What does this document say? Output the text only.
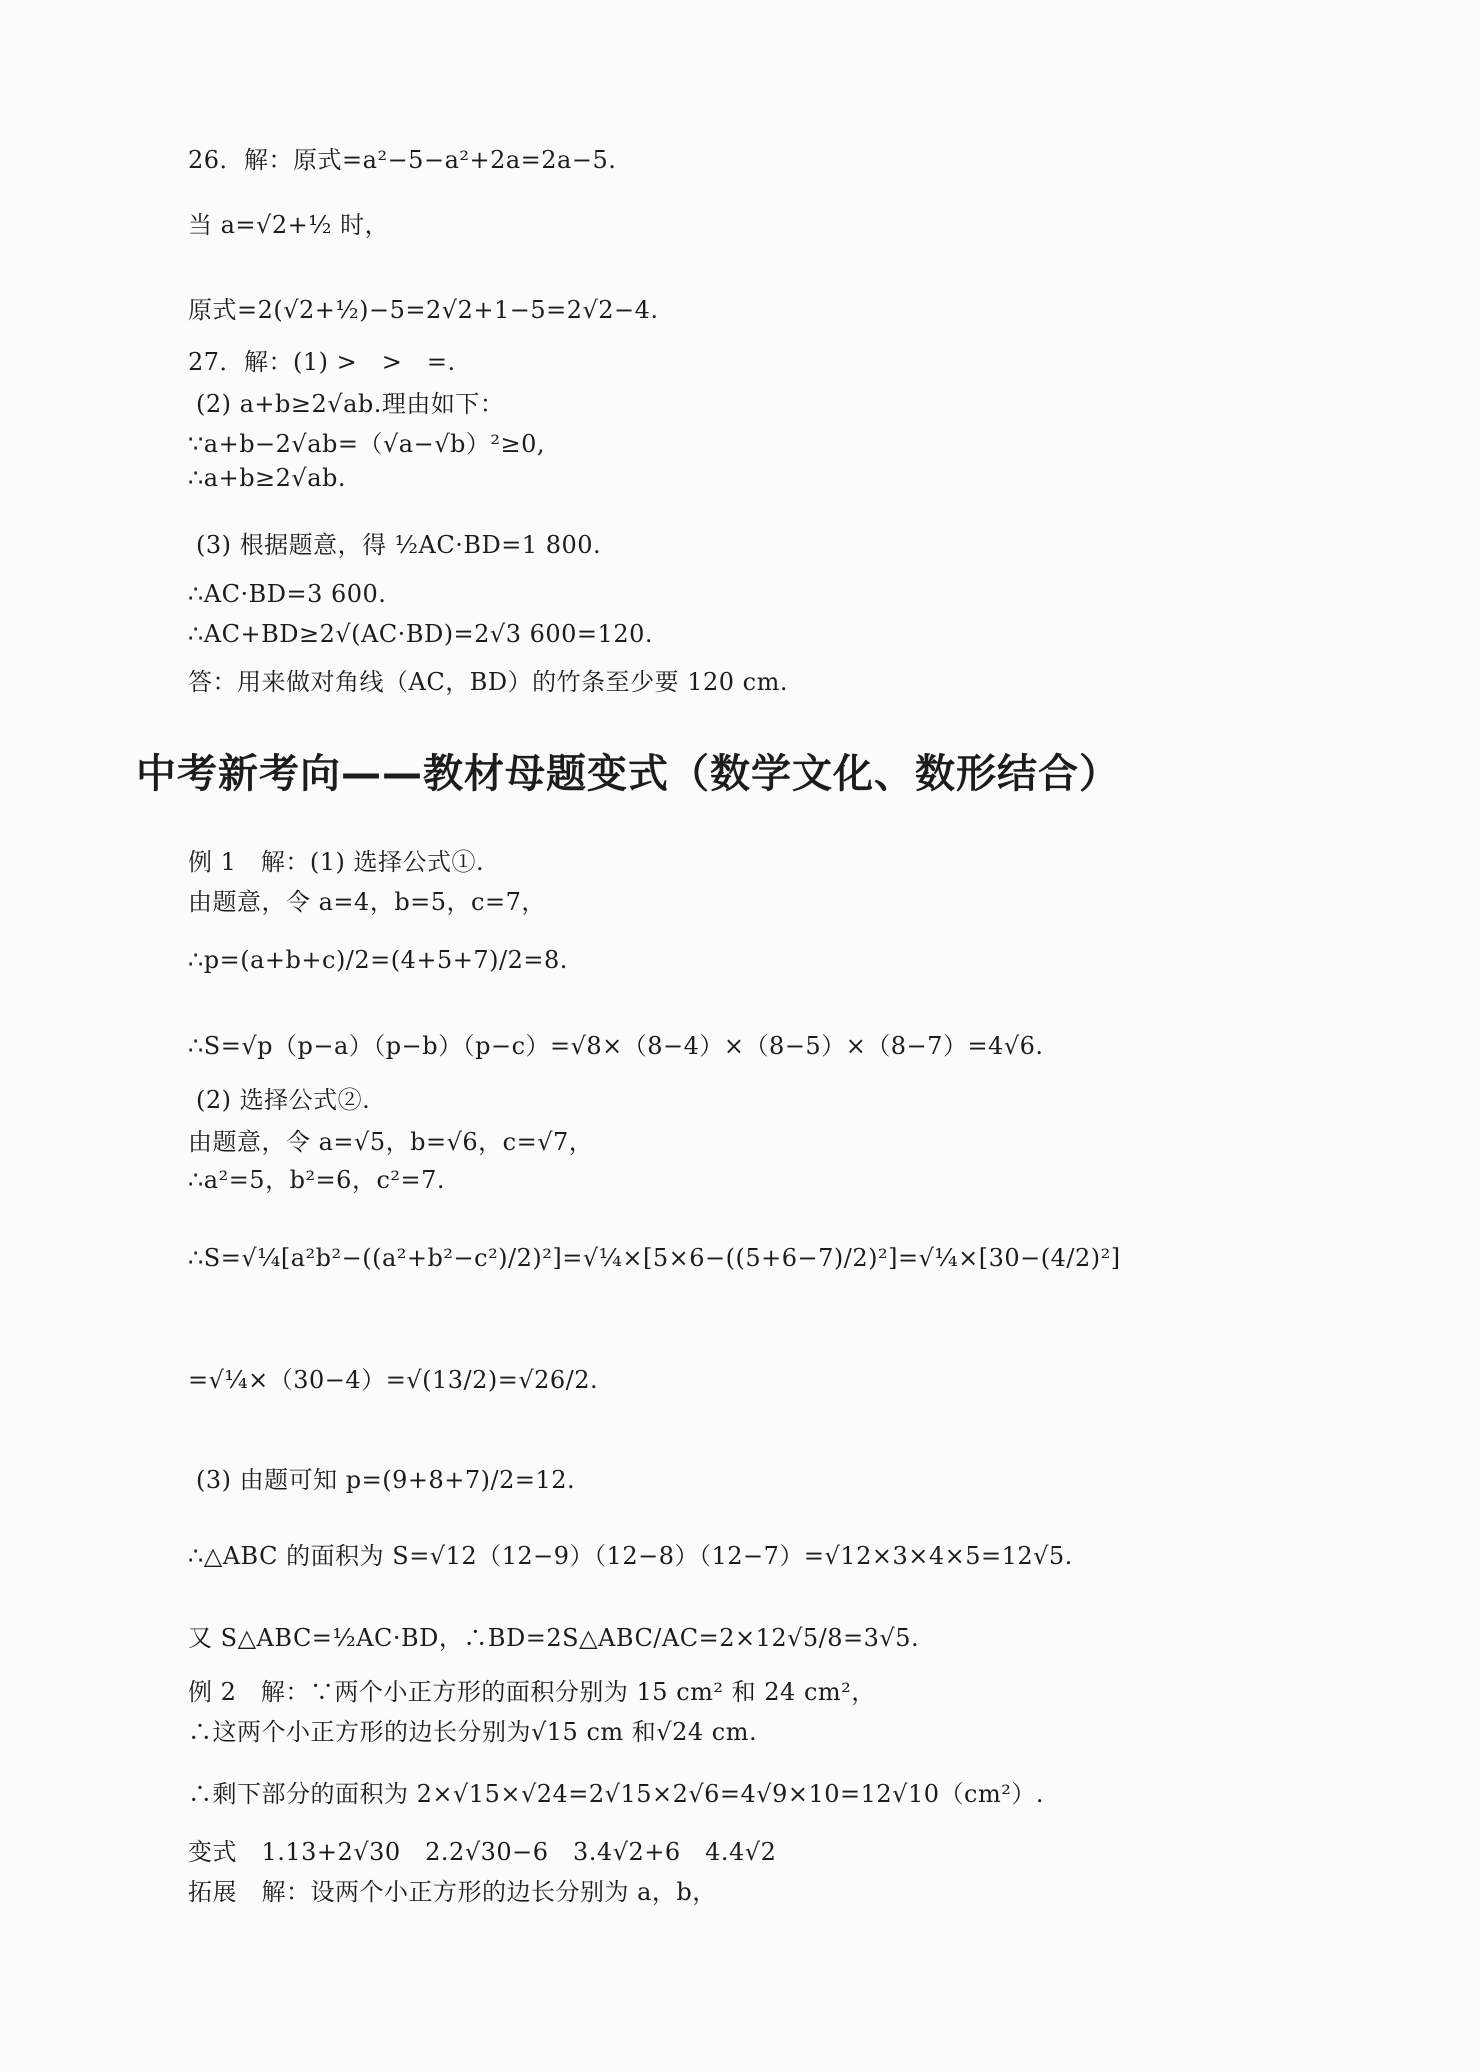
26．解：原式=a²−5−a²+2a=2a−5.
当 a=√2+½ 时，
原式=2(√2+½)−5=2√2+1−5=2√2−4.
27．解：(1) >　>　=.
(2) a+b≥2√ab.理由如下：
∵a+b−2√ab=（√a−√b）²≥0,
∴a+b≥2√ab.
(3) 根据题意，得 ½AC·BD=1 800.
∴AC·BD=3 600.
∴AC+BD≥2√(AC·BD)=2√3 600=120.
答：用来做对角线（AC，BD）的竹条至少要 120 cm.
中考新考向——教材母题变式（数学文化、数形结合）
例 1　解：(1) 选择公式①.
由题意，令 a=4，b=5，c=7，
∴p=(a+b+c)/2=(4+5+7)/2=8.
∴S=√p（p−a）（p−b）（p−c）=√8×（8−4）×（8−5）×（8−7）=4√6.
(2) 选择公式②.
由题意，令 a=√5，b=√6，c=√7，
∴a²=5，b²=6，c²=7.
∴S=√¼[a²b²−((a²+b²−c²)/2)²]=√¼×[5×6−((5+6−7)/2)²]=√¼×[30−(4/2)²]
=√¼×（30−4）=√(13/2)=√26/2.
(3) 由题可知 p=(9+8+7)/2=12.
∴△ABC 的面积为 S=√12（12−9）（12−8）（12−7）=√12×3×4×5=12√5.
又 S△ABC=½AC·BD，∴BD=2S△ABC/AC=2×12√5/8=3√5.
例 2　解：∵两个小正方形的面积分别为 15 cm² 和 24 cm²，
∴这两个小正方形的边长分别为√15 cm 和√24 cm.
∴剩下部分的面积为 2×√15×√24=2√15×2√6=4√9×10=12√10（cm²）.
变式　1.13+2√30　2.2√30−6　3.4√2+6　4.4√2
拓展　解：设两个小正方形的边长分别为 a，b，
